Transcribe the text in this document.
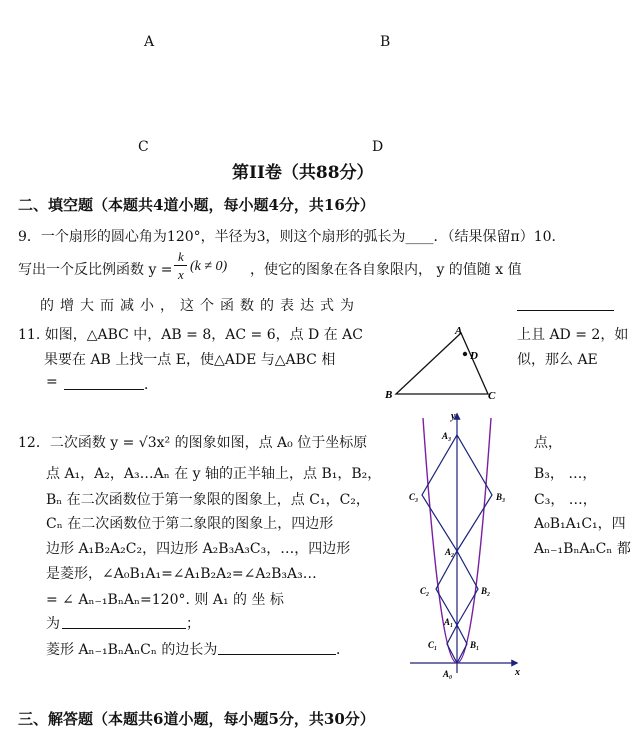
A	B
C	D
第II卷（共88分）
二、填空题（本题共4道小题，每小题4分，共16分）
9．一个扇形的圆心角为120°，半径为3，则这个扇形的弧长为____．（结果保留π）10．
写出一个反比例函数 y =
k
x
(k ≠ 0) ，使它的图象在各自象限内， y 的值随 x 值
的增大而减小，这个函数的表达式为
11. 如图，△ABC 中，AB = 8，AC = 6，点 D 在 AC	上且 AD = 2，如
果要在 AB 上找一点 E，使△ADE 与△ABC 相	似，那么 AE
=	．
A
D
B	C
12．二次函数 y = √3x² 的图象如图，点 A₀ 位于坐标原	点，
点 A₁，A₂，A₃…Aₙ 在 y 轴的正半轴上，点 B₁，B₂，	B₃， …，
Bₙ 在二次函数位于第一象限的图象上，点 C₁，C₂，	C₃， …，
Cₙ 在二次函数位于第二象限的图象上，四边形	A₀B₁A₁C₁，四
边形 A₁B₂A₂C₂，四边形 A₂B₃A₃C₃，…，四边形	Aₙ₋₁BₙAₙCₙ 都
是菱形，∠A₀B₁A₁=∠A₁B₂A₂=∠A₂B₃A₃…
= ∠ Aₙ₋₁BₙAₙ=120°. 则 A₁ 的 坐 标
为	；
菱形 Aₙ₋₁BₙAₙCₙ 的边长为	．
y
x
A₀
A₁
A₂
A₃
B₁
B₂
B₃
C₁
C₂
C₃
三、解答题（本题共6道小题，每小题5分，共30分）
